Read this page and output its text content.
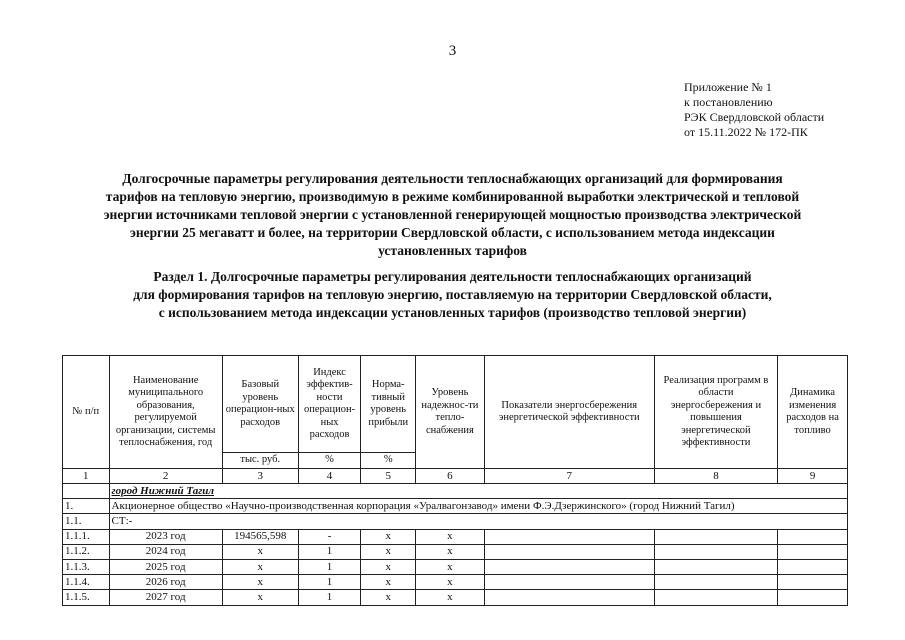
3
Приложение № 1
к постановлению
РЭК Свердловской области
от 15.11.2022 № 172-ПК
Долгосрочные параметры регулирования деятельности теплоснабжающих организаций для формирования
тарифов на тепловую энергию, производимую в режиме комбинированной выработки электрической и тепловой
энергии источниками тепловой энергии с установленной генерирующей мощностью производства электрической
энергии 25 мегаватт и более, на территории Свердловской области, с использованием метода индексации
установленных тарифов
Раздел 1. Долгосрочные параметры регулирования деятельности теплоснабжающих организаций
для формирования тарифов на тепловую энергию, поставляемую на территории Свердловской области,
с использованием метода индексации установленных тарифов (производство тепловой энергии)
№ п/п	Наименование муниципального образования, регулируемой организации, системы теплоснабжения, год	Базовый уровень операцион-ных расходов	Индекс эффектив-ности операцион-ных расходов	Норма-тивный уровень прибыли	Уровень надежнос-ти тепло-снабжения	Показатели энергосбережения энергетической эффективности	Реализация программ в области энергосбережения и повышения энергетической эффективности	Динамика изменения расходов на топливо
		тыс. руб.	%	%				
1	2	3	4	5	6	7	8	9
	город Нижний Тагил							
1.	Акционерное общество «Научно-производственная корпорация «Уралвагонзавод» имени Ф.Э.Дзержинского» (город Нижний Тагил)							
1.1.	СТ:-							
1.1.1.	2023 год	194565,598	-	x	x			
1.1.2.	2024 год	x	1	x	x			
1.1.3.	2025 год	x	1	x	x			
1.1.4.	2026 год	x	1	x	x			
1.1.5.	2027 год	x	1	x	x			
